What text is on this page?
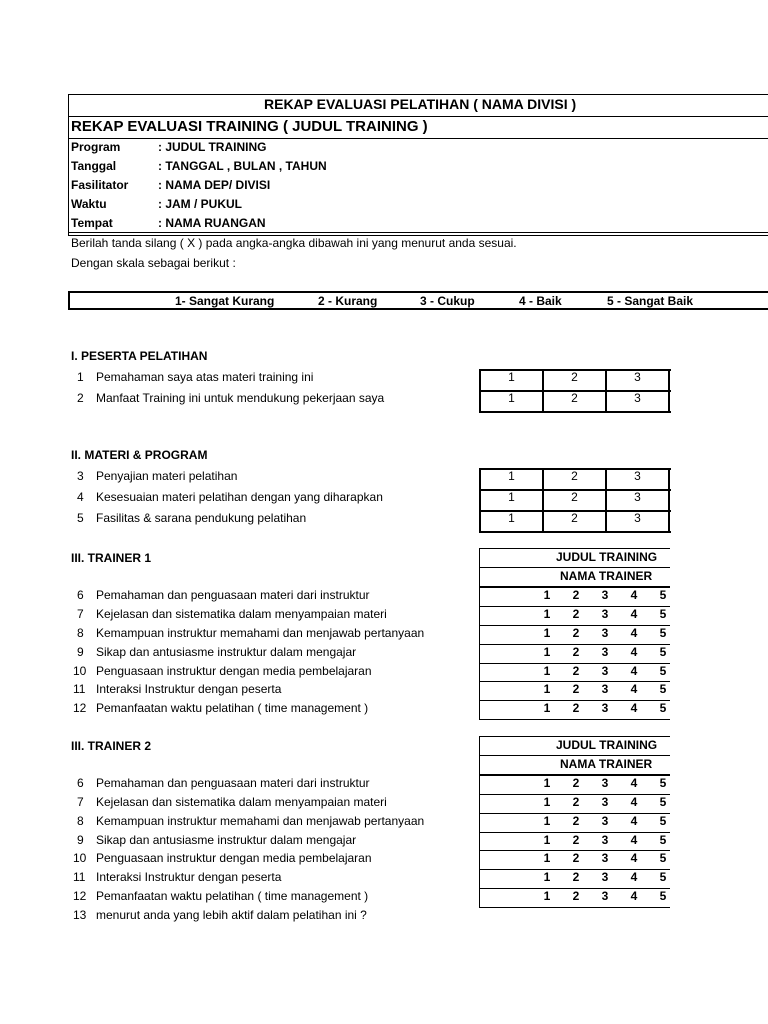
REKAP EVALUASI PELATIHAN ( NAMA DIVISI )
REKAP EVALUASI TRAINING ( JUDUL TRAINING )
Program	: JUDUL TRAINING
Tanggal	: TANGGAL , BULAN , TAHUN
Fasilitator : NAMA DEP/ DIVISI
Waktu	: JAM / PUKUL
Tempat	: NAMA RUANGAN
Berilah tanda silang ( X ) pada angka-angka dibawah ini yang menurut anda sesuai.
Dengan skala sebagai berikut :
1- Sangat Kurang	2 - Kurang	3 - Cukup	4 - Baik	5 - Sangat Baik
I. PESERTA PELATIHAN
1 Pemahaman saya atas materi training ini	1	2	3
2 Manfaat Training ini untuk mendukung pekerjaan saya	1	2	3
II. MATERI & PROGRAM
3 Penyajian materi pelatihan	1	2	3
4 Kesesuaian materi pelatihan dengan yang diharapkan	1	2	3
5 Fasilitas & sarana pendukung pelatihan	1	2	3
III. TRAINER 1	JUDUL TRAINING
NAMA TRAINER
6 Pemahaman dan penguasaan materi dari instruktur	1	2	3	4	5
7 Kejelasan dan sistematika dalam menyampaian materi	1	2	3	4	5
8 Kemampuan instruktur memahami dan menjawab pertanyaan	1	2	3	4	5
9 Sikap dan antusiasme instruktur dalam mengajar	1	2	3	4	5
10 Penguasaan instruktur dengan media pembelajaran	1	2	3	4	5
11 Interaksi Instruktur dengan peserta	1	2	3	4	5
12 Pemanfaatan waktu pelatihan ( time management )	1	2	3	4	5
III. TRAINER 2	JUDUL TRAINING
NAMA TRAINER
6 Pemahaman dan penguasaan materi dari instruktur	1	2	3	4	5
7 Kejelasan dan sistematika dalam menyampaian materi	1	2	3	4	5
8 Kemampuan instruktur memahami dan menjawab pertanyaan	1	2	3	4	5
9 Sikap dan antusiasme instruktur dalam mengajar	1	2	3	4	5
10 Penguasaan instruktur dengan media pembelajaran	1	2	3	4	5
11 Interaksi Instruktur dengan peserta	1	2	3	4	5
12 Pemanfaatan waktu pelatihan ( time management )	1	2	3	4	5
13 menurut anda yang lebih aktif dalam pelatihan ini ?
